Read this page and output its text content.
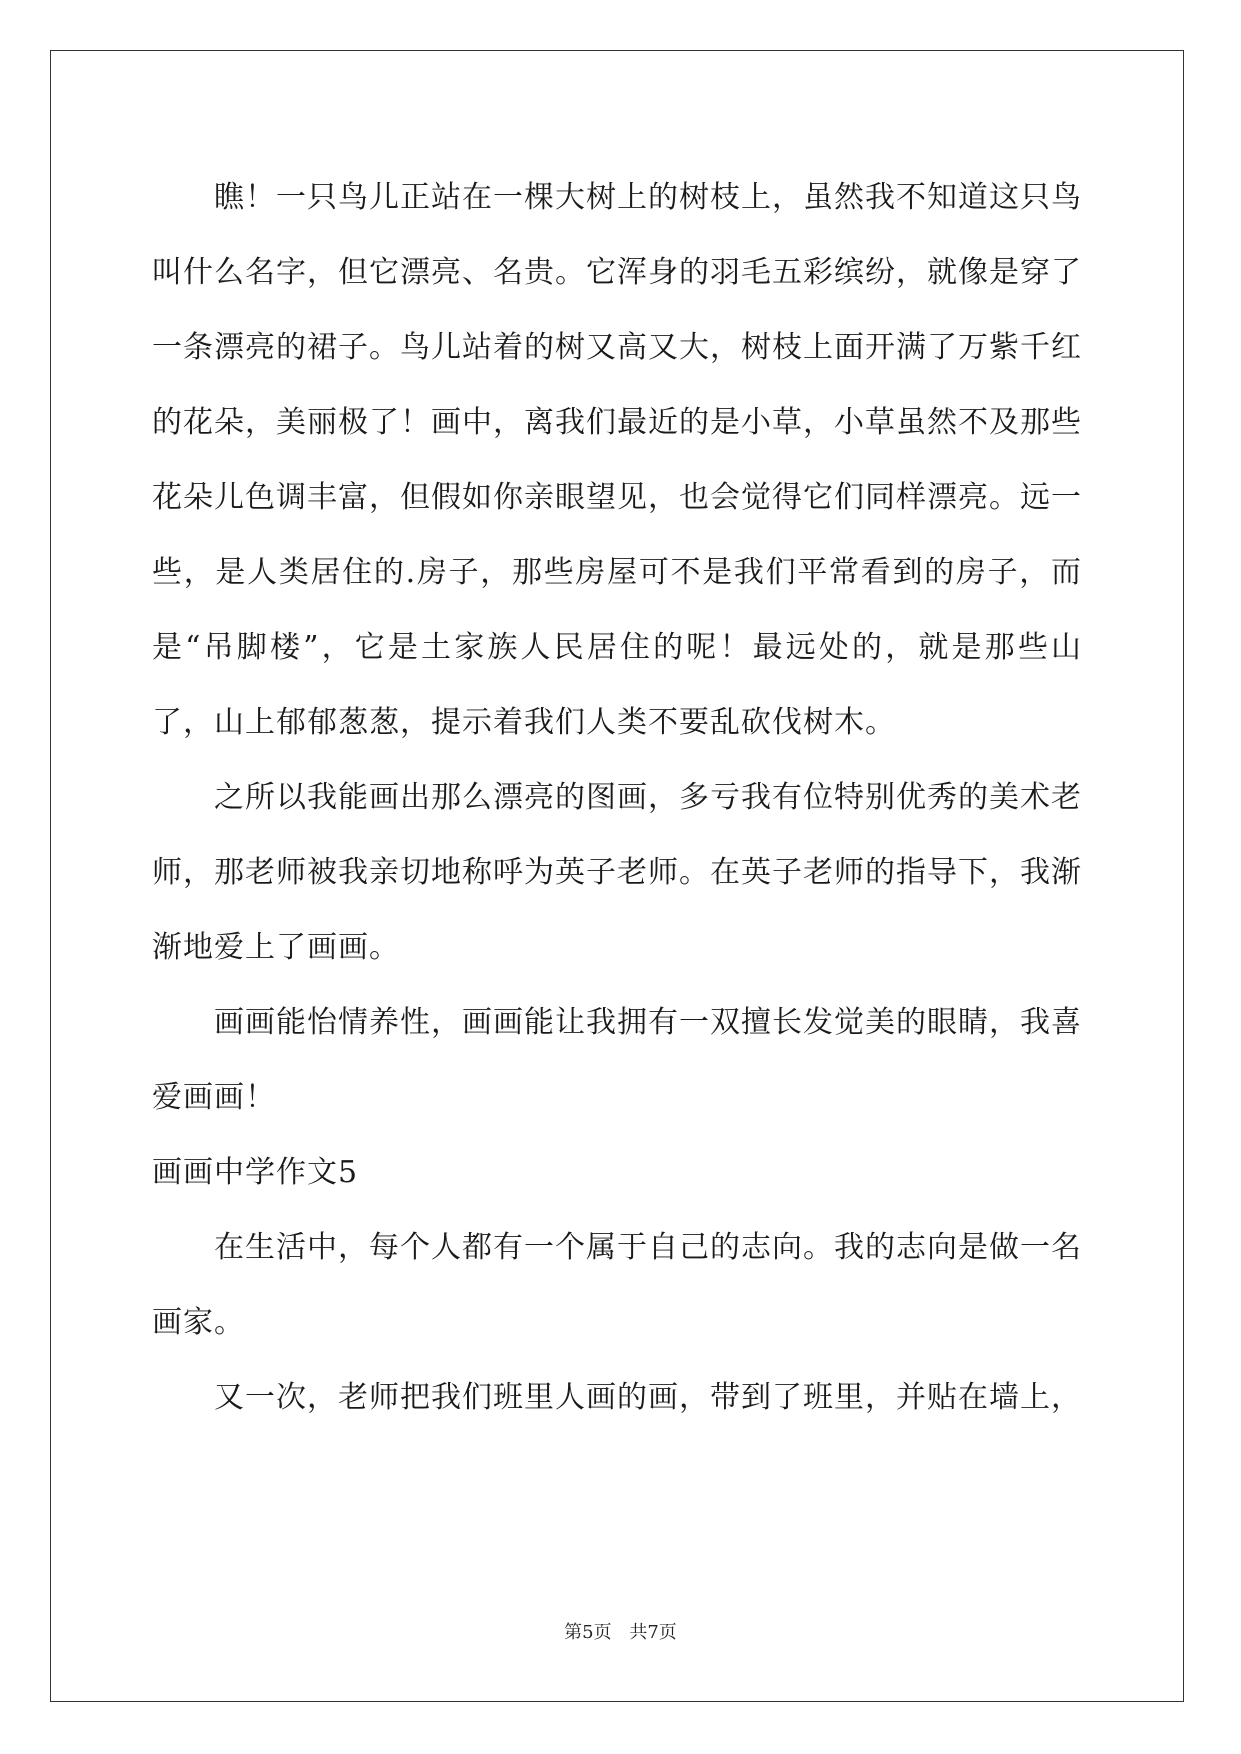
瞧！一只鸟儿正站在一棵大树上的树枝上，虽然我不知道这只鸟叫什么名字，但它漂亮、名贵。它浑身的羽毛五彩缤纷，就像是穿了一条漂亮的裙子。鸟儿站着的树又高又大，树枝上面开满了万紫千红的花朵，美丽极了！画中，离我们最近的是小草，小草虽然不及那些花朵儿色调丰富，但假如你亲眼望见，也会觉得它们同样漂亮。远一些，是人类居住的.房子，那些房屋可不是我们平常看到的房子，而是“吊脚楼”，它是土家族人民居住的呢！最远处的，就是那些山了，山上郁郁葱葱，提示着我们人类不要乱砍伐树木。

之所以我能画出那么漂亮的图画，多亏我有位特别优秀的美术老师，那老师被我亲切地称呼为英子老师。在英子老师的指导下，我渐渐地爱上了画画。

画画能怡情养性，画画能让我拥有一双擅长发觉美的眼睛，我喜爱画画！

画画中学作文5

在生活中，每个人都有一个属于自己的志向。我的志向是做一名画家。

又一次，老师把我们班里人画的画，带到了班里，并贴在墙上，

第5页 共7页
